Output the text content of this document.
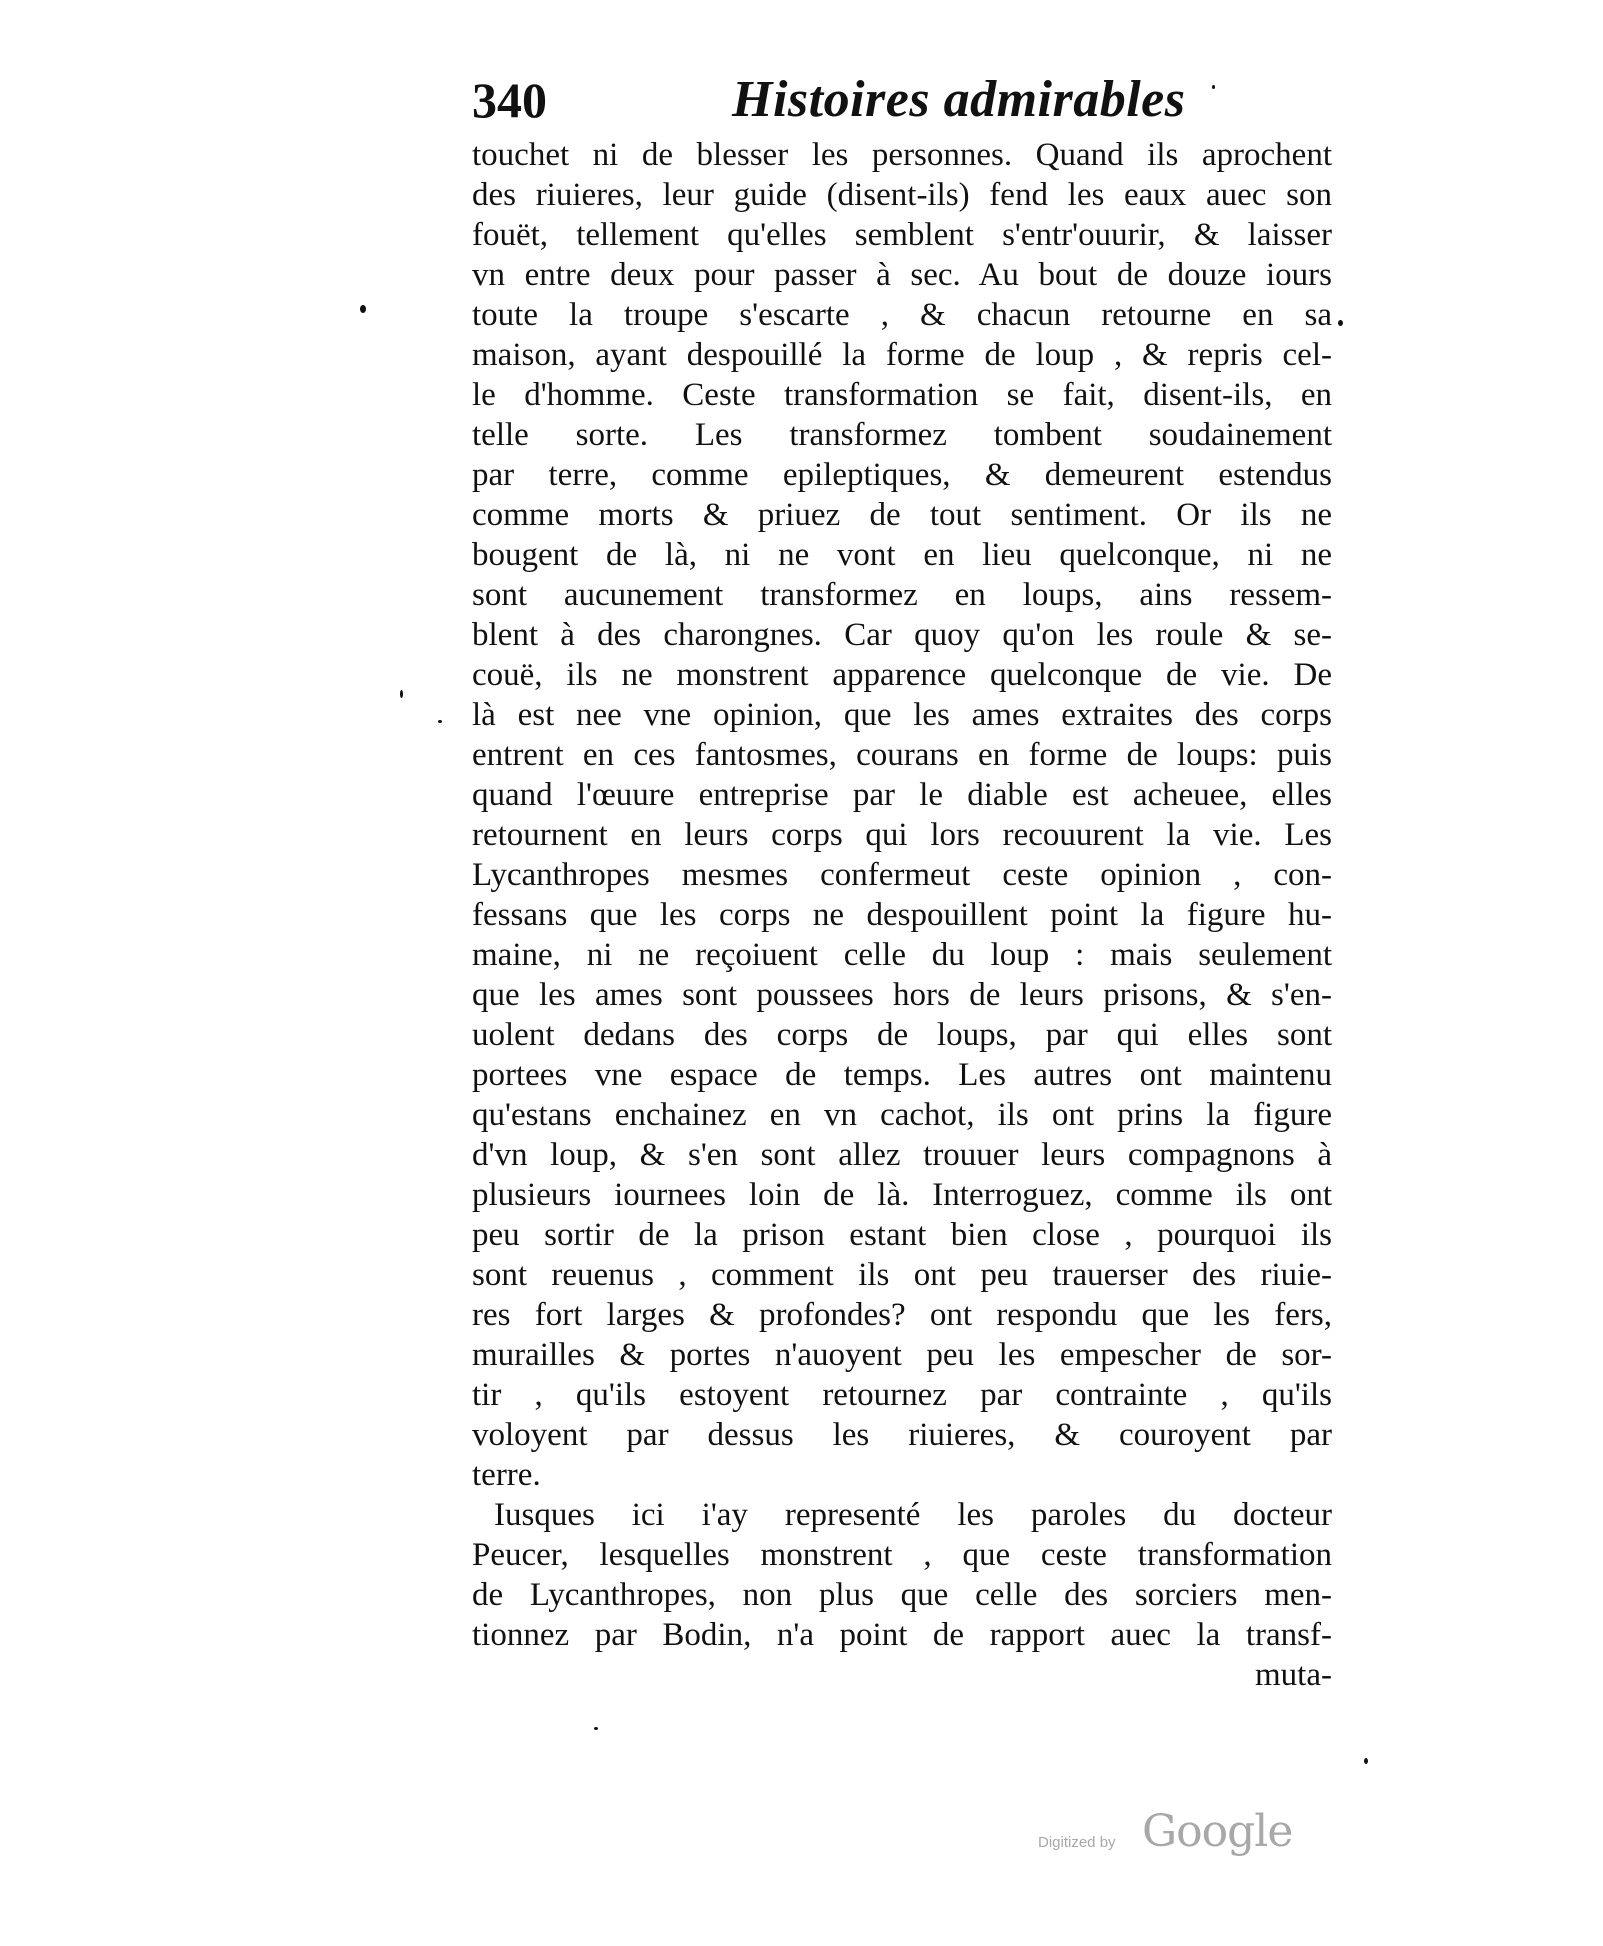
340	Histoires admirables
touchet ni de blesser les personnes. Quand ils aprochent
des riuieres, leur guide (disent-ils) fend les eaux auec son
fouët, tellement qu'elles semblent s'entr'ouurir, & laisser
vn entre deux pour passer à sec. Au bout de douze iours
toute la troupe s'escarte , & chacun retourne en sa
maison, ayant despouillé la forme de loup , & repris cel-
le d'homme. Ceste transformation se fait, disent-ils, en
telle sorte. Les transformez tombent soudainement
par terre, comme epileptiques, & demeurent estendus
comme morts & priuez de tout sentiment. Or ils ne
bougent de là, ni ne vont en lieu quelconque, ni ne
sont aucunement transformez en loups, ains ressem-
blent à des charongnes. Car quoy qu'on les roule & se-
couë, ils ne monstrent apparence quelconque de vie. De
là est nee vne opinion, que les ames extraites des corps
entrent en ces fantosmes, courans en forme de loups: puis
quand l'œuure entreprise par le diable est acheuee, elles
retournent en leurs corps qui lors recouurent la vie. Les
Lycanthropes mesmes confermeut ceste opinion , con-
fessans que les corps ne despouillent point la figure hu-
maine, ni ne reçoiuent celle du loup : mais seulement
que les ames sont poussees hors de leurs prisons, & s'en-
uolent dedans des corps de loups, par qui elles sont
portees vne espace de temps. Les autres ont maintenu
qu'estans enchainez en vn cachot, ils ont prins la figure
d'vn loup, & s'en sont allez trouuer leurs compagnons à
plusieurs iournees loin de là. Interroguez, comme ils ont
peu sortir de la prison estant bien close , pourquoi ils
sont reuenus , comment ils ont peu trauerser des riuie-
res fort larges & profondes? ont respondu que les fers,
murailles & portes n'auoyent peu les empescher de sor-
tir , qu'ils estoyent retournez par contrainte , qu'ils
voloyent par dessus les riuieres, & couroyent par
terre.
Iusques ici i'ay representé les paroles du docteur
Peucer, lesquelles monstrent , que ceste transformation
de Lycanthropes, non plus que celle des sorciers men-
tionnez par Bodin, n'a point de rapport auec la transf-
muta-
Digitized by Google
